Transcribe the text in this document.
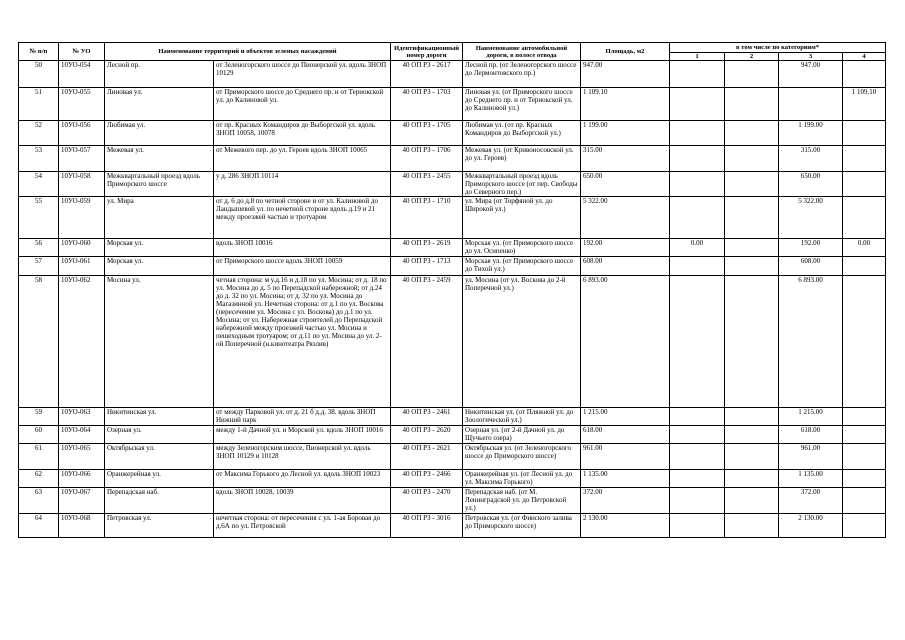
№ п/п	№ УО	Наименование территорий и объектов зеленых насаждений		Идентификационный номер дороги	Наименование автомобильной дороги, в полосе отвода	Площадь, м2	в том числе по категориям*			
							1	2	3	4
50	10УО-054	Лесной пр.	от Зеленогорского шоссе до Пионерской ул. вдоль ЗНОП 10129	40 ОП РЗ - 2617	Лесной пр. (от Зеленогорского шоссе до Лермонтовского пр.)	947.00			947.00	
51	10УО-055	Линовая ул.	от Приморского шоссе до Среднего пр. и от Териокской ул. до Калиновой ул.	40 ОП РЗ - 1703	Линовая ул. (от Приморского шоссе до Среднего пр. и от Териокской ул. до Калиновой ул.)	1 109.10				1 109.10
52	10УО-056	Любимая ул.	от пр. Красных Командиров до Выборгской ул. вдоль ЗНОП 10058, 10078	40 ОП РЗ - 1705	Любимая ул. (от пр. Красных Командиров до Выборгской ул.)	1 199.00			1 199.00	
53	10УО-057	Межевая ул.	от Межевого пер. до ул. Героев вдоль ЗНОП 10065	40 ОП РЗ - 1706	Межевая ул. (от Кривоносовской ул. до ул. Героев)	315.00			315.00	
54	10УО-058	Межквартальный проезд вдоль Приморского шоссе	у д. 286 ЗНОП 10114	40 ОП РЗ - 2455	Межквартальный проезд вдоль Приморского шоссе (от пер. Свободы до Северного пер.)	650.00			650.00	
55	10УО-059	ул. Мира	от д. 6 до д.8 по четной стороне и от ул. Калиновой до Ландышевой ул. по нечетной стороне вдоль д.19 и 21 между проезжей частью и тротуаром	40 ОП РЗ - 1710	ул. Мира (от Торфяной ул. до Широкой ул.)	5 322.00			5 322.00	
56	10УО-060	Морская ул.	вдоль ЗНОП 10016	40 ОП РЗ - 2619	Морская ул. (от Приморского шоссе до ул. Осипенко)	192.00	0.00		192.00	0.00
57	10УО-061	Морская ул.	от Приморского шоссе вдоль ЗНОП 10059	40 ОП РЗ - 1713	Морская ул. (от Приморского шоссе до Тихой ул.)	608.00			608.00	
58	10УО-062	Мосина ул.	четная сторона: м у.д.16 и д.18 по ул. Мосина; от д. 18 по ул. Мосина до д. 5 по Перепадской набережной; от д.24 до д. 32 по ул. Мосина; от д. 32 по ул. Мосина до Магазинной ул. Нечетная сторона: от д.1 по ул. Воскова (пересечение ул. Мосина с ул. Воскова) до д.1 по ул. Мосина; от ул. Набережная строителей до Перепадской набережной между проезжей частью ул. Мосина и пешеходным тротуаром; от д.11 по ул. Мосина до ул. 2-ой Поперечной (н.кинотеатра Рязлив)	40 ОП РЗ - 2459	ул. Мосина (от ул. Воскова до 2-й Поперечной ул.)	6 893.00			6 893.00	
59	10УО-063	Никитинская ул.	от между Парковой ул. от д. 21 б д.д. 38. вдоль ЗНОП Нижний парк	40 ОП РЗ - 2461	Никитинская ул. (от Пляжной ул. до Зоологической ул.)	1 215.00			1 215.00	
60	10УО-064	Озерная ул.	между 1-й Дачной ул. и Морской ул. вдоль ЗНОП 10016	40 ОП РЗ - 2620	Озерная ул. (от 2-й Дачной ул. до Щучьего озера)	618.00			618.00	
61	10УО-065	Октябрьская ул.	между Зеленогорским шоссе, Пионерской ул. вдоль ЗНОП 10129 и 10128	40 ОП РЗ - 2621	Октябрьская ул. (от Зеленогорского шоссе до Приморского шоссе)	961.00			961.00	
62	10УО-066	Оранжерейная ул.	от Максима Горького до Лесной ул. вдоль ЗНОП 10023	40 ОП РЗ - 2466	Оранжерейная ул. (от Лесной ул. до ул. Максима Горького)	1 135.00			1 135.00	
63	10УО-067	Перепадская наб.	вдоль ЗНОП 10028, 10039	40 ОП РЗ - 2470	Перепадская наб. (от М. Ленинградской ул. до Петровской ул.)	372.00			372.00	
64	10УО-068	Петровская ул.	нечетная сторона: от пересечения с ул. 1-ая Боровая до д.6А по ул. Петровской	40 ОП РЗ - 3016	Петровская ул. (от Финского залива до Приморского шоссе)	2 130.00			2 130.00	
